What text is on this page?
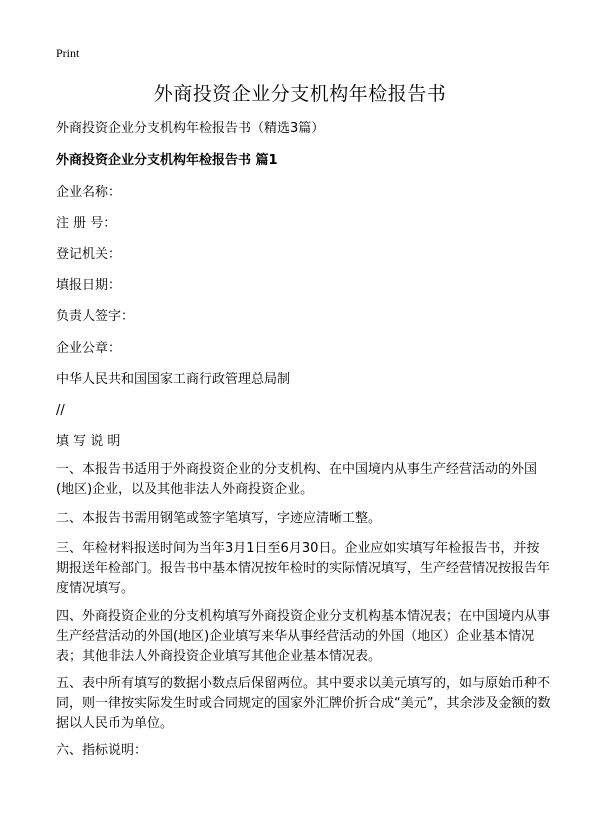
Print
外商投资企业分支机构年检报告书

外商投资企业分支机构年检报告书（精选3篇）

外商投资企业分支机构年检报告书 篇1

企业名称：

注 册 号：

登记机关：

填报日期：

负责人签字：

企业公章：

中华人民共和国国家工商行政管理总局制

//

填 写 说 明

一、本报告书适用于外商投资企业的分支机构、在中国境内从事生产经营活动的外国(地区)企业，以及其他非法人外商投资企业。

二、本报告书需用钢笔或签字笔填写，字迹应清晰工整。

三、年检材料报送时间为当年3月1日至6月30日。企业应如实填写年检报告书，并按期报送年检部门。报告书中基本情况按年检时的实际情况填写，生产经营情况按报告年度情况填写。

四、外商投资企业的分支机构填写外商投资企业分支机构基本情况表；在中国境内从事生产经营活动的外国(地区)企业填写来华从事经营活动的外国（地区）企业基本情况表；其他非法人外商投资企业填写其他企业基本情况表。

五、表中所有填写的数据小数点后保留两位。其中要求以美元填写的，如与原始币种不同，则一律按实际发生时或合同规定的国家外汇牌价折合成“美元”，其余涉及金额的数据以人民币为单位。

六、指标说明：
